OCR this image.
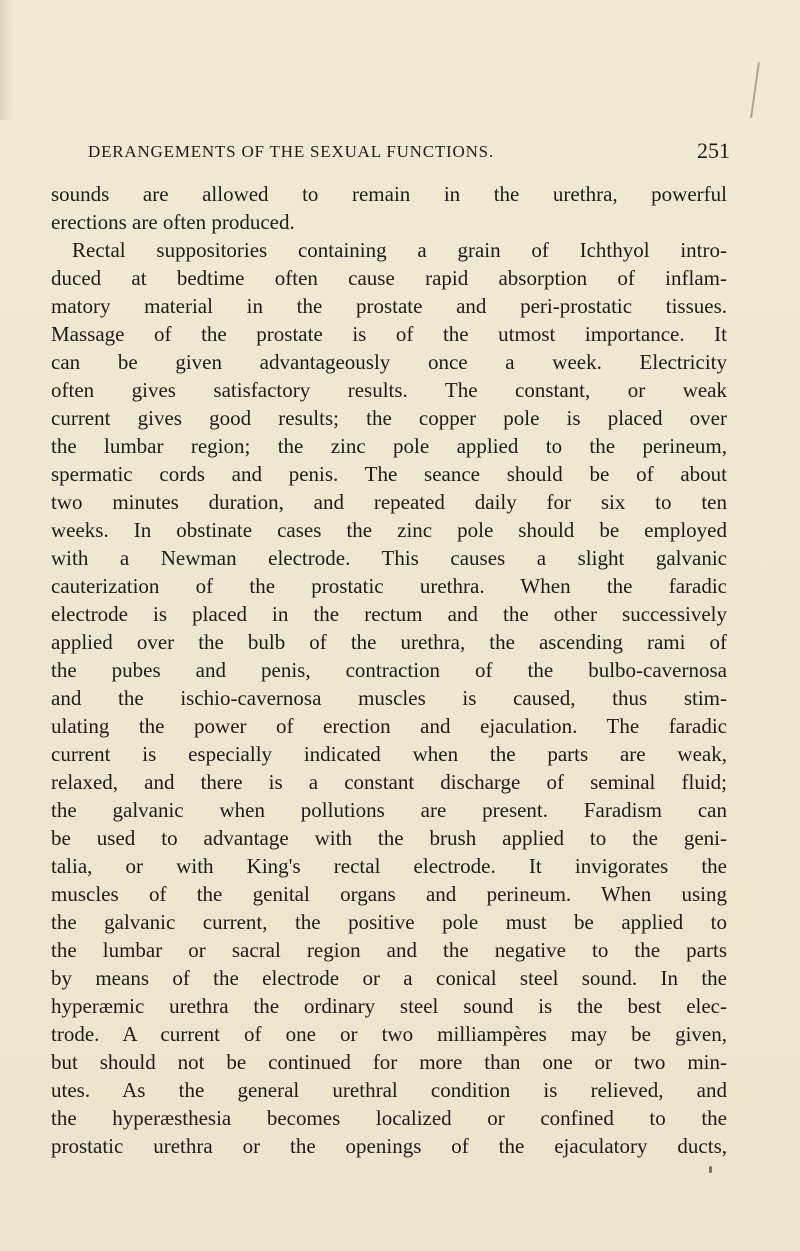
DERANGEMENTS OF THE SEXUAL FUNCTIONS.	251
sounds are allowed to remain in the urethra, powerful
erections are often produced.
Rectal suppositories containing a grain of Ichthyol intro-
duced at bedtime often cause rapid absorption of inflam-
matory material in the prostate and peri-prostatic tissues.
Massage of the prostate is of the utmost importance. It
can be given advantageously once a week. Electricity
often gives satisfactory results. The constant, or weak
current gives good results; the copper pole is placed over
the lumbar region; the zinc pole applied to the perineum,
spermatic cords and penis. The seance should be of about
two minutes duration, and repeated daily for six to ten
weeks. In obstinate cases the zinc pole should be employed
with a Newman electrode. This causes a slight galvanic
cauterization of the prostatic urethra. When the faradic
electrode is placed in the rectum and the other successively
applied over the bulb of the urethra, the ascending rami of
the pubes and penis, contraction of the bulbo-cavernosa
and the ischio-cavernosa muscles is caused, thus stim-
ulating the power of erection and ejaculation. The faradic
current is especially indicated when the parts are weak,
relaxed, and there is a constant discharge of seminal fluid;
the galvanic when pollutions are present. Faradism can
be used to advantage with the brush applied to the geni-
talia, or with King's rectal electrode. It invigorates the
muscles of the genital organs and perineum. When using
the galvanic current, the positive pole must be applied to
the lumbar or sacral region and the negative to the parts
by means of the electrode or a conical steel sound. In the
hyperæmic urethra the ordinary steel sound is the best elec-
trode. A current of one or two milliampères may be given,
but should not be continued for more than one or two min-
utes. As the general urethral condition is relieved, and
the hyperæsthesia becomes localized or confined to the
prostatic urethra or the openings of the ejaculatory ducts,
